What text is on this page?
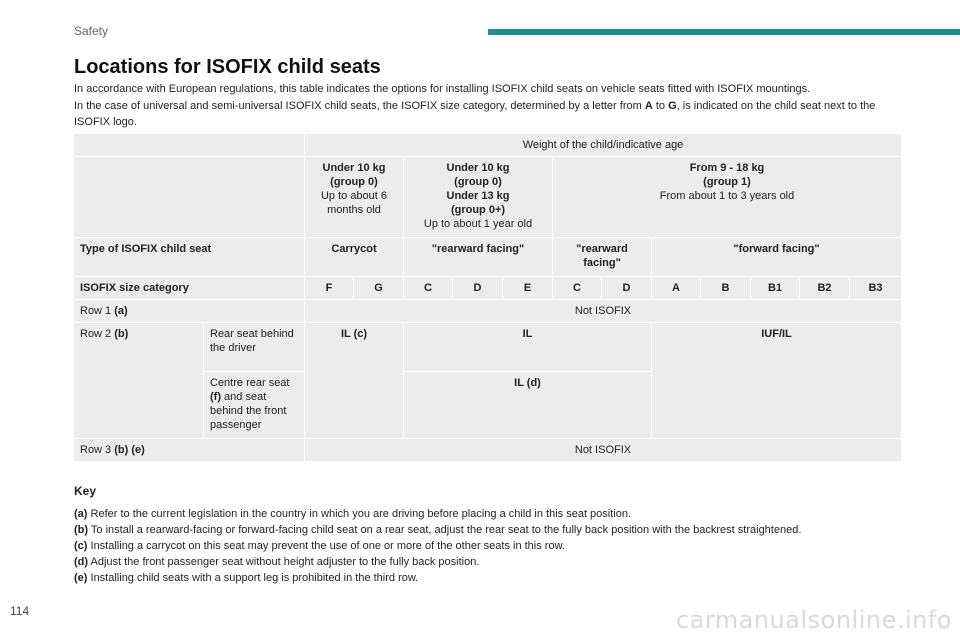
Safety
Locations for ISOFIX child seats

In accordance with European regulations, this table indicates the options for installing ISOFIX child seats on vehicle seats fitted with ISOFIX mountings.

In the case of universal and semi-universal ISOFIX child seats, the ISOFIX size category, determined by a letter from A to G, is indicated on the child seat next to the ISOFIX logo.

		Weight of the child/indicative age											
		Under 10 kg
(group 0)
Up to about 6 months old		Under 10 kg
(group 0)
Under 13 kg
(group 0+)
Up to about 1 year old			From 9 - 18 kg
(group 1)
From about 1 to 3 years old						
Type of ISOFIX child seat		Carrycot		"rearward facing"			"rearward facing"		"forward facing"				
ISOFIX size category		F	G	C	D	E	C	D	A	B	B1	B2	B3
Row 1 (a)		Not ISOFIX											
Row 2 (b)	Rear seat behind the driver	IL (c)		IL					IUF/IL				
	Centre rear seat (f) and seat behind the front passenger			IL (d)									
Row 3 (b) (e)		Not ISOFIX											
Key

(a) Refer to the current legislation in the country in which you are driving before placing a child in this seat position.

(b) To install a rearward-facing or forward-facing child seat on a rear seat, adjust the rear seat to the fully back position with the backrest straightened.

(c) Installing a carrycot on this seat may prevent the use of one or more of the other seats in this row.

(d) Adjust the front passenger seat without height adjuster to the fully back position.

(e) Installing child seats with a support leg is prohibited in the third row.

114	carmanualsonline.info
